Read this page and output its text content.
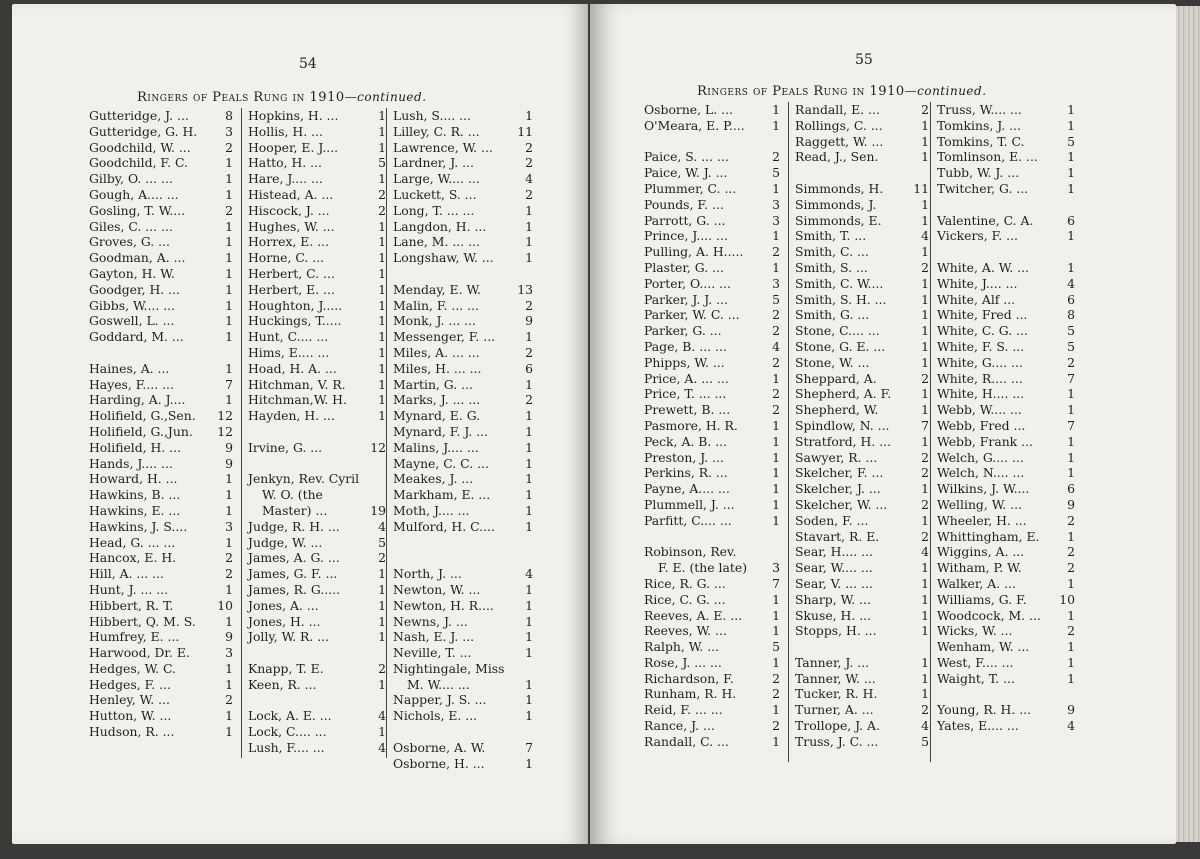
54
Ringers of Peals Rung in 1910—continued.
Gutteridge, J. ...	8
Gutteridge, G. H. 3
Goodchild, W. ...	2
Goodchild, F. C.	1
Gilby, O. ... ...	1
Gough, A.... ...	1
Gosling, T. W....	2
Giles, C. ... ...	1
Groves, G. ...	1
Goodman, A. ...	1
Gayton, H. W.	1
Goodger, H. ...	1
Gibbs, W.... ...	1
Goswell, L. ...	1
Goddard, M. ...	1
Haines, A. ...	1
Hayes, F.... ...	7
Harding, A. J....	1
Holifield, G.,Sen. 12
Holifield, G.,Jun. 12
Holifield, H. ...	9
Hands, J.... ...	9
Howard, H. ...	1
Hawkins, B. ...	1
Hawkins, E. ...	1
Hawkins, J. S....	3
Head, G. ... ...	1
Hancox, E. H.	2
Hill, A. ... ...	2
Hunt, J. ... ...	1
Hibbert, R. T.	10
Hibbert, Q. M. S. 1
Humfrey, E. ...	9
Harwood, Dr. E.	3
Hedges, W. C.	1
Hedges, F. ...	1
Henley, W. ...	2
Hutton, W. ...	1
Hudson, R. ...	1
Hopkins, H. ...	1
Hollis, H. ...	1
Hooper, E. J....	1
Hatto, H. ...	5
Hare, J.... ...	1
Histead, A. ...	2
Hiscock, J. ...	2
Hughes, W. ...	1
Horrex, E. ...	1
Horne, C. ...	1
Herbert, C. ...	1
Herbert, E. ...	1
Houghton, J.....	1
Huckings, T.....	1
Hunt, C.... ...	1
Hims, E.... ...	1
Hoad, H. A. ...	1
Hitchman, V. R.	1
Hitchman,W. H.	1
Hayden, H. ...	1
Irvine, G. ...	12
Jenkyn, Rev. Cyril
W. O. (the
Master) ...	19
Judge, R. H. ...	4
Judge, W. ...	5
James, A. G. ...	2
James, G. F. ...	1
James, R. G.....	1
Jones, A. ...	1
Jones, H. ...	1
Jolly, W. R. ...	1
Knapp, T. E.	2
Keen, R. ...	1
Lock, A. E. ...	4
Lock, C.... ...	1
Lush, F.... ...	4
Lush, S.... ...	1
Lilley, C. R. ...	11
Lawrence, W. ...	2
Lardner, J. ...	2
Large, W.... ...	4
Luckett, S. ...	2
Long, T. ... ...	1
Langdon, H. ...	1
Lane, M. ... ...	1
Longshaw, W. ...	1
Menday, E. W.	13
Malin, F. ... ...	2
Monk, J. ... ...	9
Messenger, F. ... 1
Miles, A. ... ...	2
Miles, H. ... ...	6
Martin, G. ...	1
Marks, J. ... ...	2
Mynard, E. G.	1
Mynard, F. J. ...	1
Malins, J.... ...	1
Mayne, C. C. ...	1
Meakes, J. ...	1
Markham, E. ...	1
Moth, J.... ...	1
Mulford, H. C.... 1
North, J. ...	4
Newton, W. ...	1
Newton, H. R....	1
Newns, J. ...	1
Nash, E. J. ...	1
Neville, T. ...	1
Nightingale, Miss
M. W.... ...	1
Napper, J. S. ...	1
Nichols, E. ...	1
Osborne, A. W.	7
Osborne, H. ...	1
55
Ringers of Peals Rung in 1910—continued.
Osborne, L. ...	1
O'Meara, E. P.... 1
Paice, S. ... ...	2
Paice, W. J. ...	5
Plummer, C. ...	1
Pounds, F. ...	3
Parrott, G. ...	3
Prince, J.... ...	1
Pulling, A. H..... 2
Plaster, G. ...	1
Porter, O.... ...	3
Parker, J. J. ...	5
Parker, W. C. ...	2
Parker, G. ...	2
Page, B. ... ...	4
Phipps, W. ...	2
Price, A. ... ...	1
Price, T. ... ...	2
Prewett, B. ...	2
Pasmore, H. R.	1
Peck, A. B. ...	1
Preston, J. ...	1
Perkins, R. ...	1
Payne, A.... ...	1
Plummell, J. ...	1
Parfitt, C.... ...	1
Robinson, Rev.
F. E. (the late)	3
Rice, R. G. ...	7
Rice, C. G. ...	1
Reeves, A. E. ... 1
Reeves, W. ...	1
Ralph, W. ...	5
Rose, J. ... ...	1
Richardson, F.	2
Runham, R. H.	2
Reid, F. ... ...	1
Rance, J. ...	2
Randall, C. ...	1
Randall, E. ...	2
Rollings, C. ...	1
Raggett, W. ...	1
Read, J., Sen.	1
Simmonds, H. 11
Simmonds, J.	1
Simmonds, E.	1
Smith, T. ...	4
Smith, C. ...	1
Smith, S. ...	2
Smith, C. W....	1
Smith, S. H. ...	1
Smith, G. ...	1
Stone, C.... ...	1
Stone, G. E. ...	1
Stone, W. ...	1
Sheppard, A.	2
Shepherd, A. F. 1
Shepherd, W.	1
Spindlow, N. ...	7
Stratford, H. ... 1
Sawyer, R. ...	2
Skelcher, F. ...	2
Skelcher, J. ...	1
Skelcher, W. ...	2
Soden, F. ...	1
Stavart, R. E.	2
Sear, H.... ...	4
Sear, W.... ...	1
Sear, V. ... ...	1
Sharp, W. ...	1
Skuse, H. ...	1
Stopps, H. ...	1
Tanner, J. ...	1
Tanner, W. ...	1
Tucker, R. H.	1
Turner, A. ...	2
Trollope, J. A.	4
Truss, J. C. ...	5
Truss, W.... ...	1
Tomkins, J. ...	1
Tomkins, T. C.	5
Tomlinson, E. ... 1
Tubb, W. J. ...	1
Twitcher, G. ...	1
Valentine, C. A.	6
Vickers, F. ...	1
White, A. W. ...	1
White, J.... ...	4
White, Alf ...	6
White, Fred ...	8
White, C. G. ...	5
White, F. S. ...	5
White, G.... ...	2
White, R.... ...	7
White, H.... ...	1
Webb, W.... ...	1
Webb, Fred ...	7
Webb, Frank ...	1
Welch, G.... ...	1
Welch, N.... ...	1
Wilkins, J. W....	6
Welling, W. ...	9
Wheeler, H. ...	2
Whittingham, E. 1
Wiggins, A. ...	2
Witham, P. W.	2
Walker, A. ...	1
Williams, G. F.	10
Woodcock, M. ... 1
Wicks, W. ...	2
Wenham, W. ...	1
West, F.... ...	1
Waight, T. ...	1
Young, R. H. ...	9
Yates, E.... ...	4
